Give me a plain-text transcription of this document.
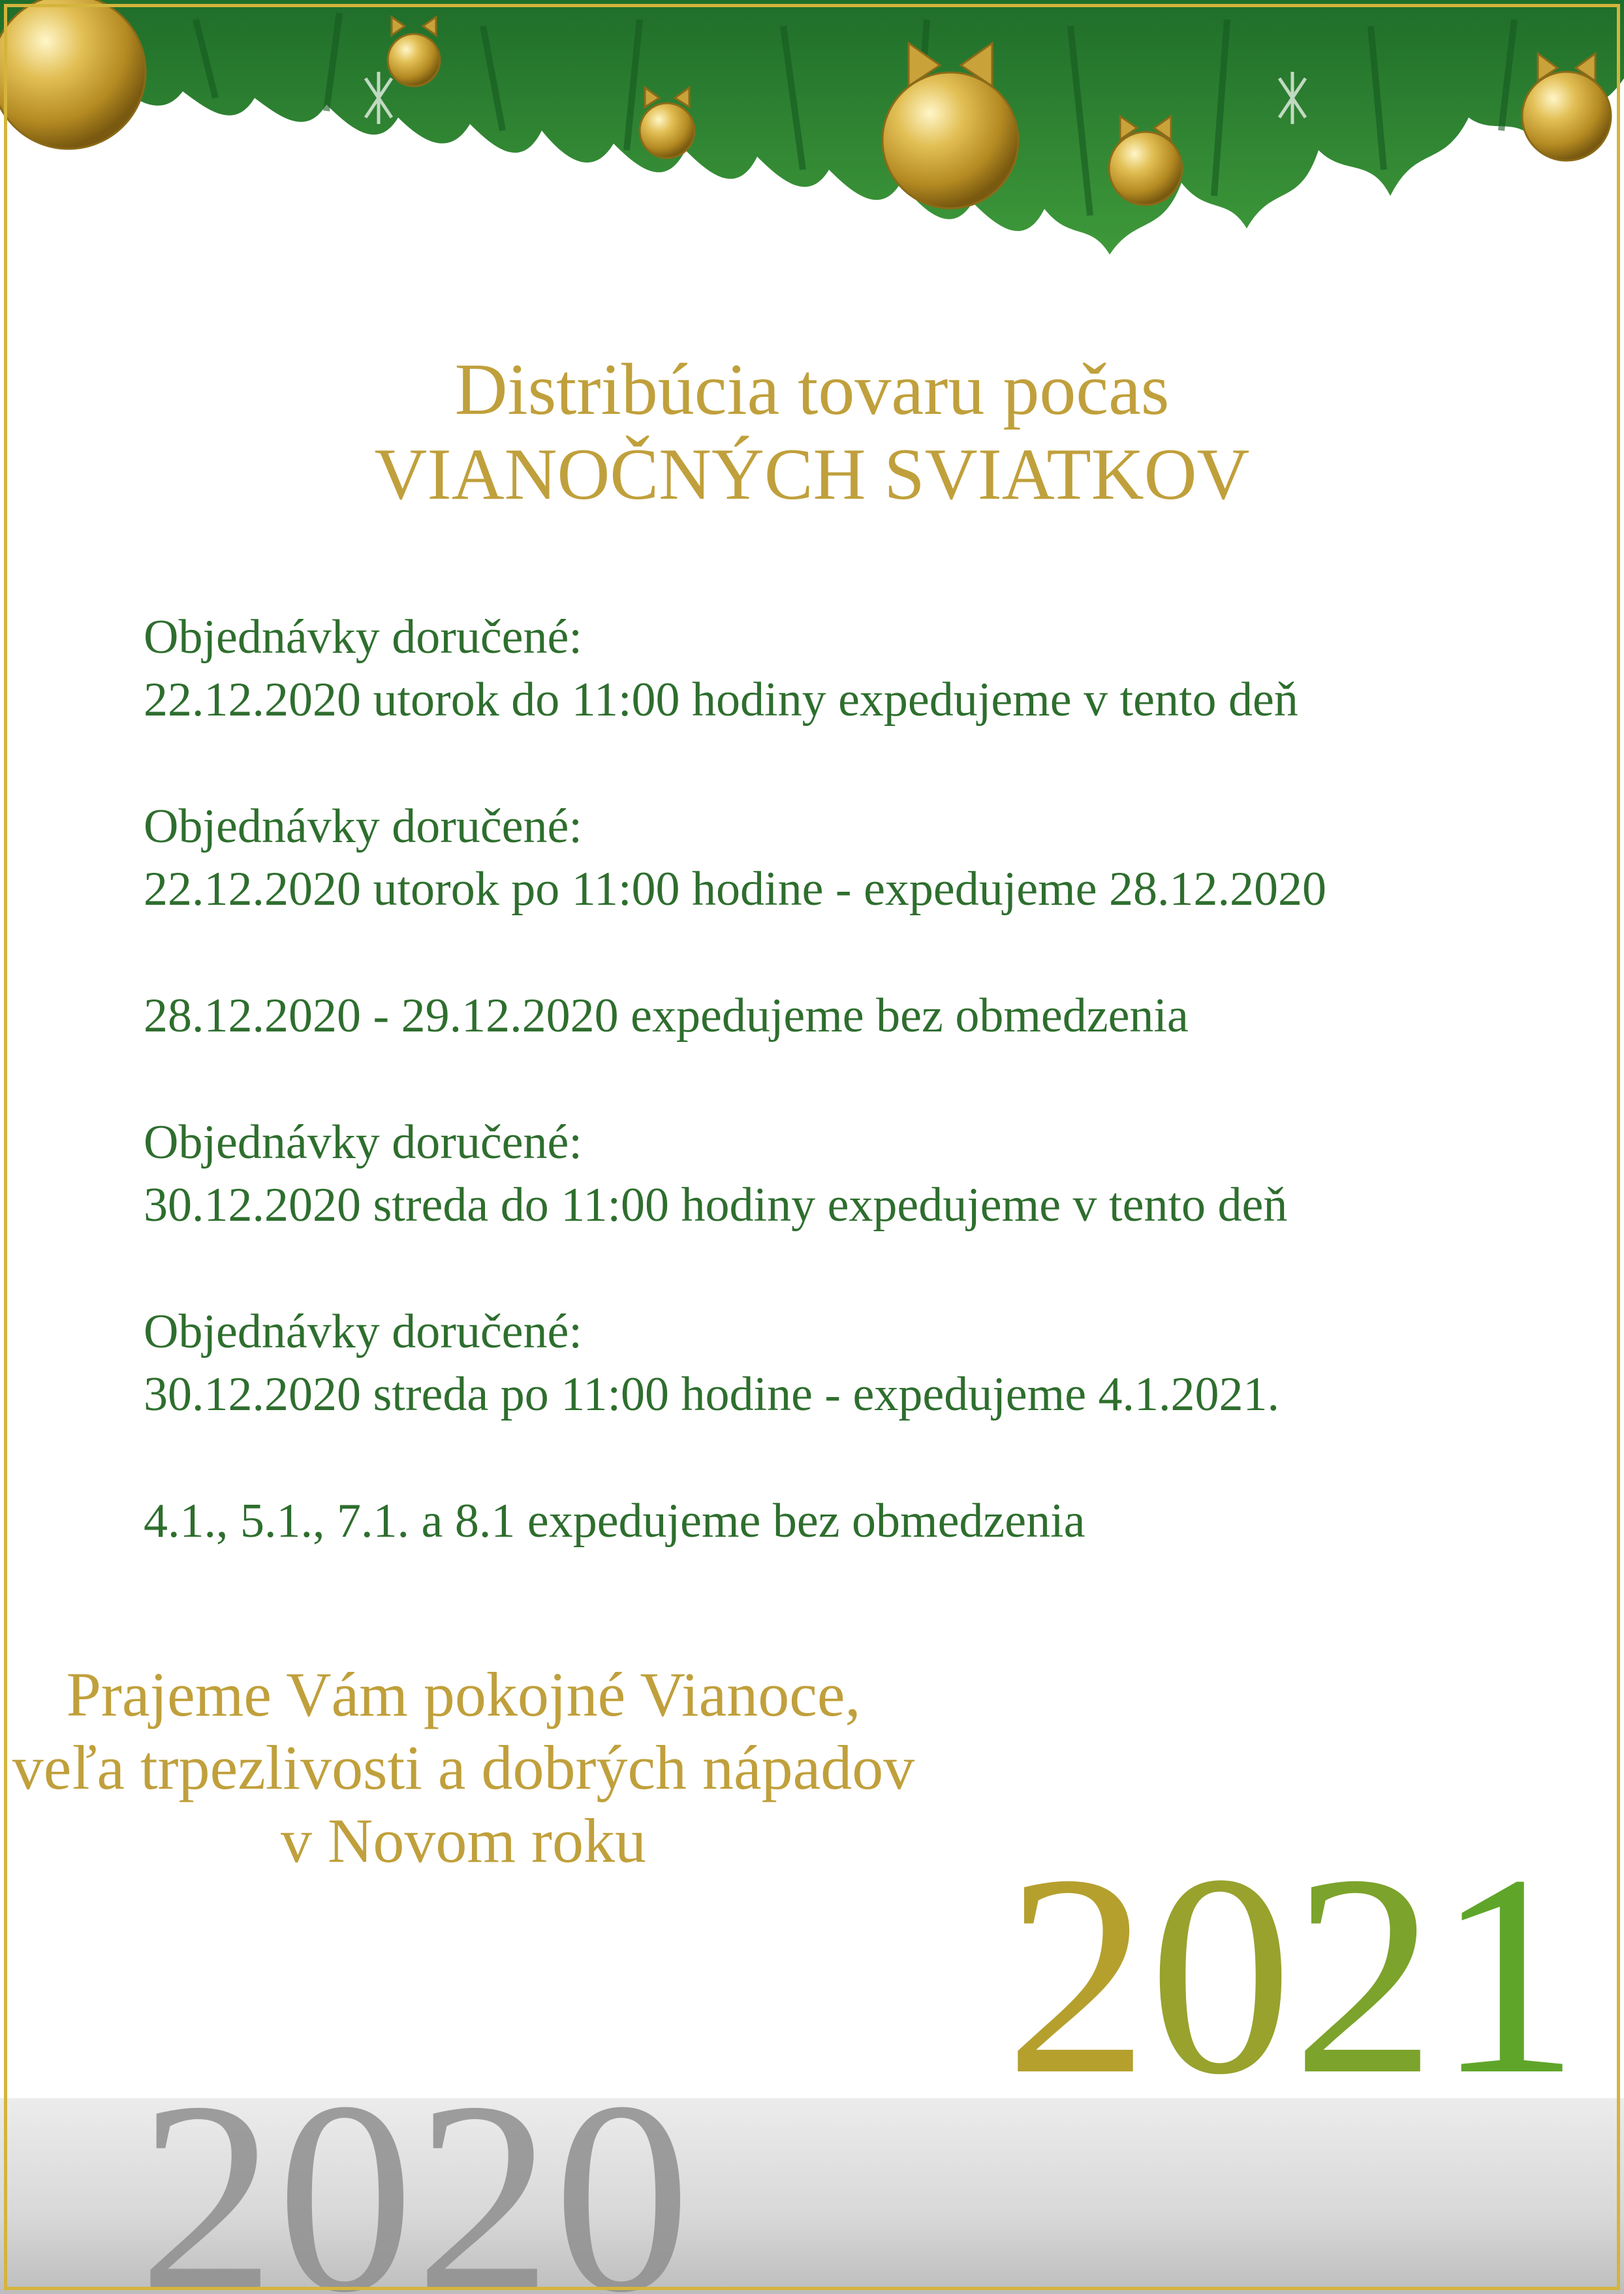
Distribúcia tovaru počas
VIANOČNÝCH SVIATKOV
Objednávky doručené:
22.12.2020 utorok do 11:00 hodiny expedujeme v tento deň
Objednávky doručené:
22.12.2020 utorok po 11:00 hodine - expedujeme 28.12.2020
28.12.2020 - 29.12.2020 expedujeme bez obmedzenia
Objednávky doručené:
30.12.2020 streda do 11:00 hodiny expedujeme v tento deň
Objednávky doručené:
30.12.2020 streda po 11:00 hodine - expedujeme 4.1.2021.
4.1., 5.1., 7.1. a 8.1 expedujeme bez obmedzenia
Prajeme Vám pokojné Vianoce,
veľa trpezlivosti a dobrých nápadov
v Novom roku	2021
2020
